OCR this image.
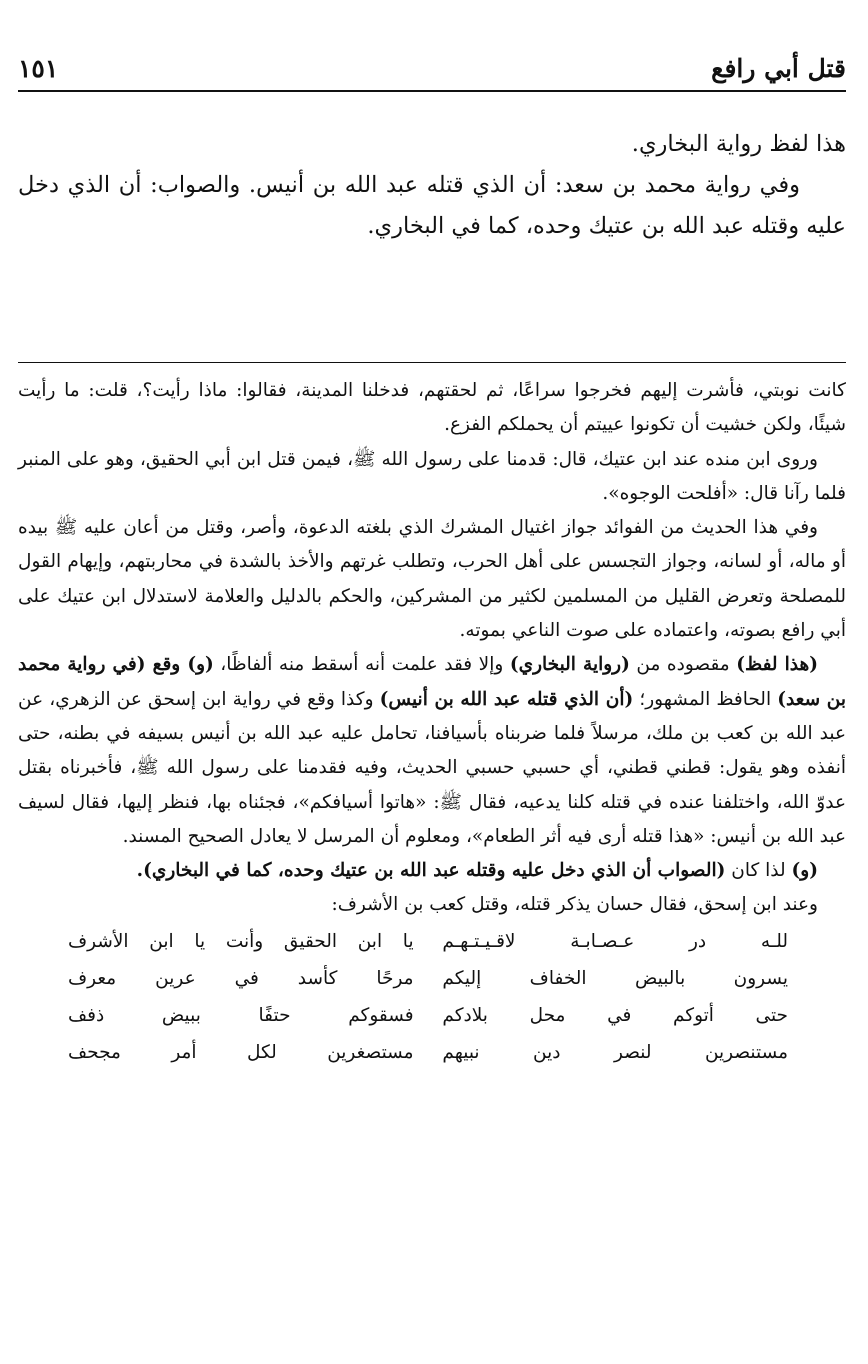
قتل أبي رافع
١٥١

هذا لفظ رواية البخاري.

وفي رواية محمد بن سعد: أن الذي قتله عبد الله بن أنيس. والصواب: أن الذي دخل عليه وقتله عبد الله بن عتيك وحده، كما في البخاري.

كانت نوبتي، فأشرت إليهم فخرجوا سراعًا، ثم لحقتهم، فدخلنا المدينة، فقالوا: ماذا رأيت؟، قلت: ما رأيت شيئًا، ولكن خشيت أن تكونوا عييتم أن يحملكم الفزع.

وروى ابن منده عند ابن عتيك، قال: قدمنا على رسول الله ﷺ، فيمن قتل ابن أبي الحقيق، وهو على المنبر فلما رآنا قال: «أفلحت الوجوه».

وفي هذا الحديث من الفوائد جواز اغتيال المشرك الذي بلغته الدعوة، وأصر، وقتل من أعان عليه ﷺ بيده أو ماله، أو لسانه، وجواز التجسس على أهل الحرب، وتطلب غرتهم والأخذ بالشدة في محاربتهم، وإيهام القول للمصلحة وتعرض القليل من المسلمين لكثير من المشركين، والحكم بالدليل والعلامة لاستدلال ابن عتيك على أبي رافع بصوته، واعتماده على صوت الناعي بموته.

(هذا لفظ) مقصوده من (رواية البخاري) وإلا فقد علمت أنه أسقط منه ألفاظًا، (و) وقع (في رواية محمد بن سعد) الحافظ المشهور؛ (أن الذي قتله عبد الله بن أنيس) وكذا وقع في رواية ابن إسحق عن الزهري، عن عبد الله بن كعب بن ملك، مرسلاً فلما ضربناه بأسيافنا، تحامل عليه عبد الله بن أنيس بسيفه في بطنه، حتى أنفذه وهو يقول: قطني قطني، أي حسبي حسبي الحديث، وفيه فقدمنا على رسول الله ﷺ، فأخبرناه بقتل عدوّ الله، واختلفنا عنده في قتله كلنا يدعيه، فقال ﷺ: «هاتوا أسيافكم»، فجئناه بها، فنظر إليها، فقال لسيف عبد الله بن أنيس: «هذا قتله أرى فيه أثر الطعام»، ومعلوم أن المرسل لا يعادل الصحيح المسند.

(و) لذا كان (الصواب أن الذي دخل عليه وقتله عبد الله بن عتيك وحده، كما في البخاري).

وعند ابن إسحق، فقال حسان يذكر قتله، وقتل كعب بن الأشرف:

للـه در عـصـابـة لاقـيـتـهـم
يا ابن الحقيق وأنت يا ابن الأشرف
يسرون بالبيض الخفاف إليكم
مرحًا كأسد في عرين معرف
حتى أتوكم في محل بلادكم
فسقوكم حتفًا ببيض ذفف
مستنصرين لنصر دين نبيهم
مستصغرين لكل أمر مجحف
